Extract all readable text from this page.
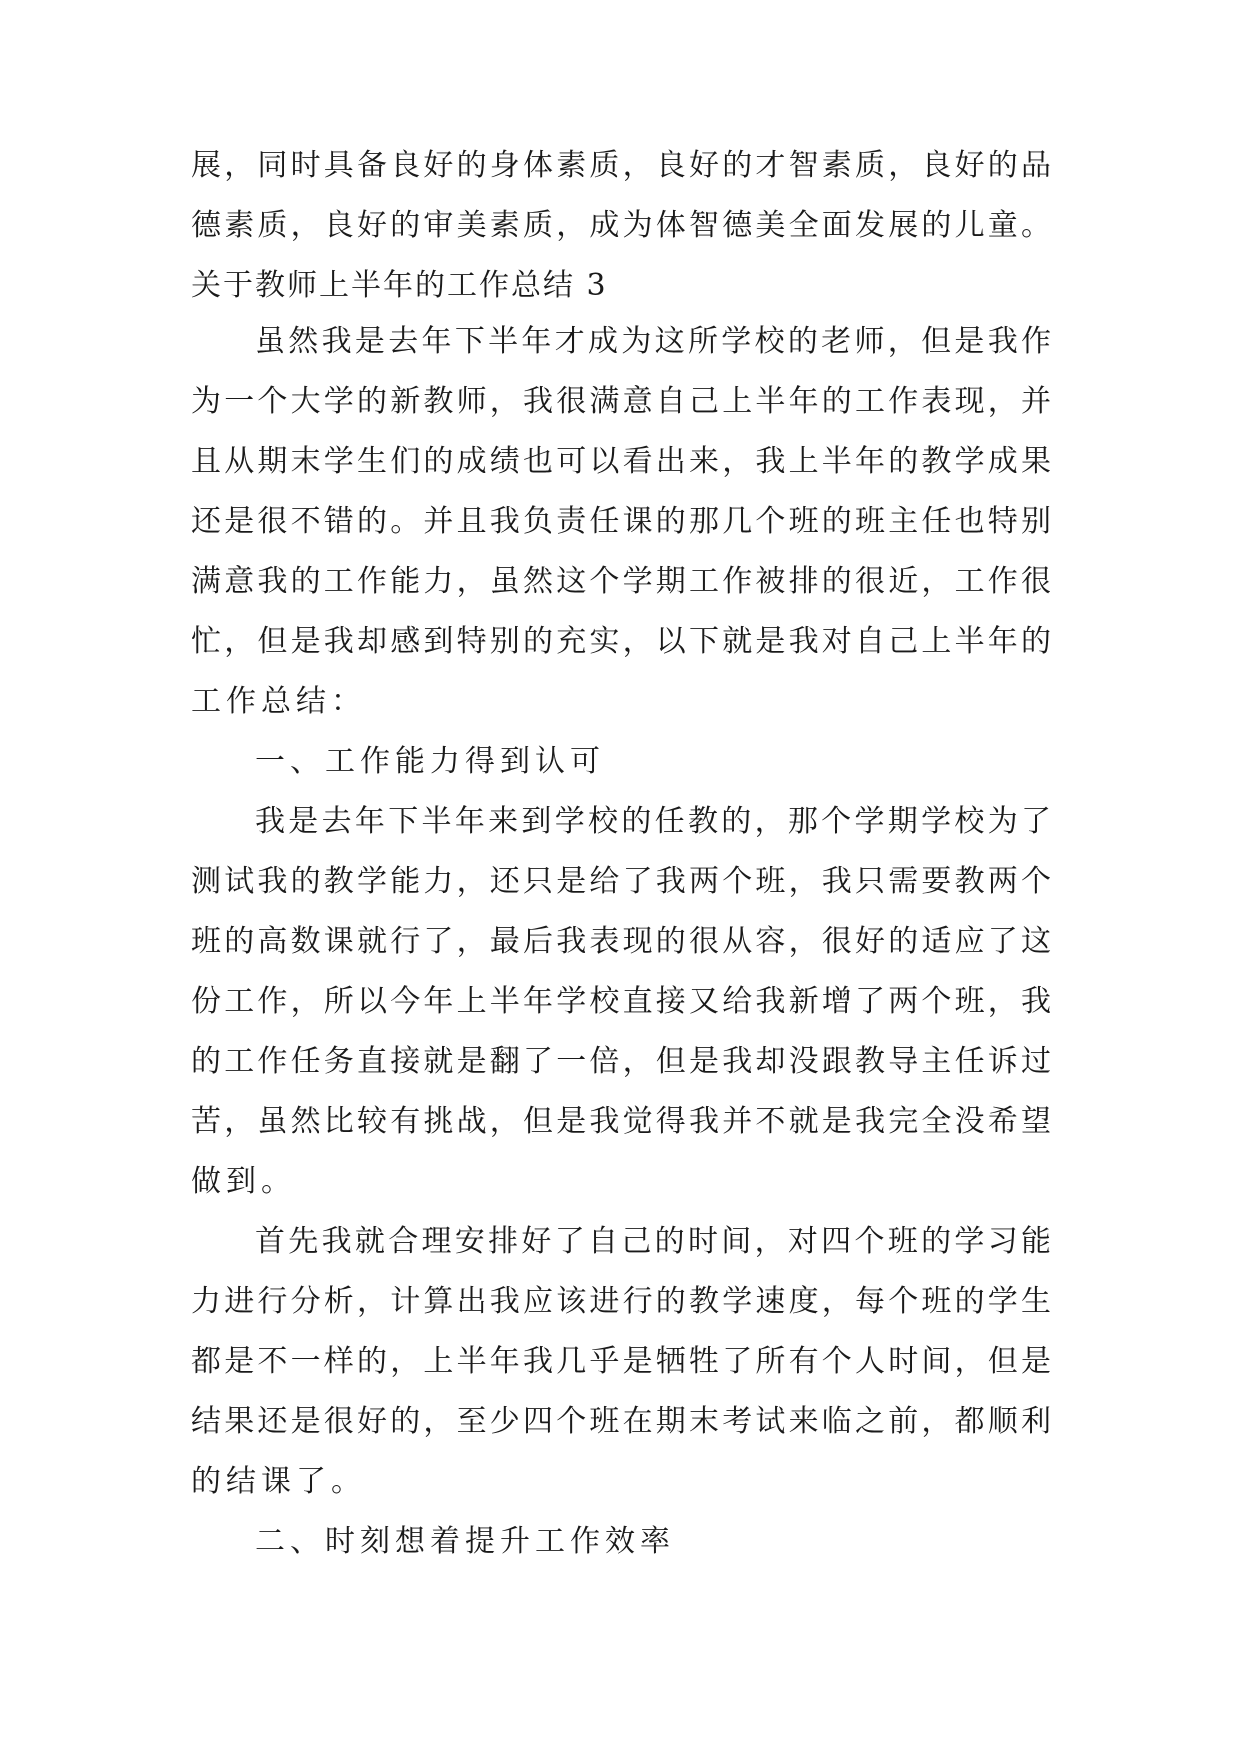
展，同时具备良好的身体素质，良好的才智素质，良好的品
德素质，良好的审美素质，成为体智德美全面发展的儿童。
关于教师上半年的工作总结 3
虽然我是去年下半年才成为这所学校的老师，但是我作
为一个大学的新教师，我很满意自己上半年的工作表现，并
且从期末学生们的成绩也可以看出来，我上半年的教学成果
还是很不错的。并且我负责任课的那几个班的班主任也特别
满意我的工作能力，虽然这个学期工作被排的很近，工作很
忙，但是我却感到特别的充实，以下就是我对自己上半年的
工作总结：
一、工作能力得到认可
我是去年下半年来到学校的任教的，那个学期学校为了
测试我的教学能力，还只是给了我两个班，我只需要教两个
班的高数课就行了，最后我表现的很从容，很好的适应了这
份工作，所以今年上半年学校直接又给我新增了两个班，我
的工作任务直接就是翻了一倍，但是我却没跟教导主任诉过
苦，虽然比较有挑战，但是我觉得我并不就是我完全没希望
做到。
首先我就合理安排好了自己的时间，对四个班的学习能
力进行分析，计算出我应该进行的教学速度，每个班的学生
都是不一样的，上半年我几乎是牺牲了所有个人时间，但是
结果还是很好的，至少四个班在期末考试来临之前，都顺利
的结课了。
二、时刻想着提升工作效率
